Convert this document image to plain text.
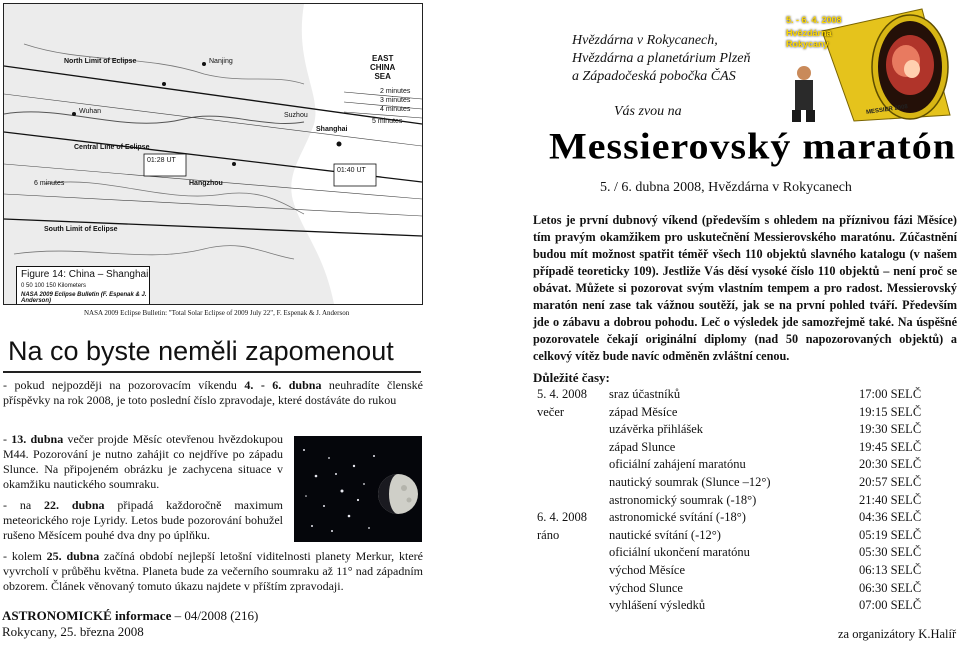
North Limit of Eclipse
Central Line of Eclipse
South Limit of Eclipse
01:28 UT
01:40 UT
Hangzhou
Shanghai
Wuhan
Nanjing
Suzhou
2 minutes
3 minutes
4 minutes
5 minutes
6 minutes
EAST
CHINA
SEA
Figure 14: China – Shanghai
0 50 100 150 Kilometers
NASA 2009 Eclipse Bulletin (F. Espenak & J. Anderson)
NASA 2009 Eclipse Bulletin: "Total Solar Eclipse of 2009 July 22", F. Espenak & J. Anderson
Na co byste neměli zapomenout
- pokud nejpozději na pozorovacím víkendu 4. - 6. dubna neuhradíte členské příspěvky na rok 2008, je toto poslední číslo zpravodaje, které dostáváte do rukou
- 13. dubna večer projde Měsíc otevřenou hvězdokupou M44. Pozorování je nutno zahájit co nejdříve po západu Slunce. Na připojeném obrázku je zachycena situace v okamžiku nautického soumraku.
- na 22. dubna připadá každoročně maximum meteorického roje Lyridy. Letos bude pozorování bohužel rušeno Měsícem pouhé dva dny po úplňku.
- kolem 25. dubna začíná období nejlepší letošní viditelnosti planety Merkur, které vyvrcholí v průběhu května. Planeta bude za večerního soumraku až 11° nad západním obzorem. Článek věnovaný tomuto úkazu najdete v příštím zpravodaji.
ASTRONOMICKÉ informace – 04/2008 (216)
Rokycany, 25. března 2008
Hvězdárna v Rokycanech,
Hvězdárna a planetárium Plzeň
a Západočeská pobočka ČAS
5. - 6. 4. 2008
Hvězdárna
Rokycany
MESSIER 2008
Vás zvou na
Messierovský maratón
5. / 6. dubna 2008, Hvězdárna v Rokycanech
Letos je první dubnový víkend (především s ohledem na příznivou fázi Měsíce) tím pravým okamžikem pro uskutečnění Messierovského maratónu. Zúčastnění budou mít možnost spatřit téměř všech 110 objektů slavného katalogu (v našem případě teoreticky 109). Jestliže Vás děsí vysoké číslo 110 objektů – není proč se obávat. Můžete si pozorovat svým vlastním tempem a pro radost. Messierovský maratón není zase tak vážnou soutěží, jak se na první pohled tváří. Především jde o zábavu a dobrou pohodu. Leč o výsledek jde samozřejmě také. Na úspěšné pozorovatele čekají originální diplomy (nad 50 napozorovaných objektů) a celkový vítěz bude navíc odměněn zvláštní cenou.
Důležité časy:
5. 4. 2008 sraz účastníků	17:00 SELČ
večer	západ Měsíce	19:15 SELČ
uzávěrka přihlášek	19:30 SELČ
západ Slunce	19:45 SELČ
oficiální zahájení maratónu	20:30 SELČ
nautický soumrak (Slunce –12°)	20:57 SELČ
astronomický soumrak (-18°)	21:40 SELČ
6. 4. 2008 astronomické svítání (-18°)	04:36 SELČ
ráno	nautické svítání (-12°)	05:19 SELČ
oficiální ukončení maratónu	05:30 SELČ
východ Měsíce	06:13 SELČ
východ Slunce	06:30 SELČ
vyhlášení výsledků	07:00 SELČ
za organizátory K.Halíř
